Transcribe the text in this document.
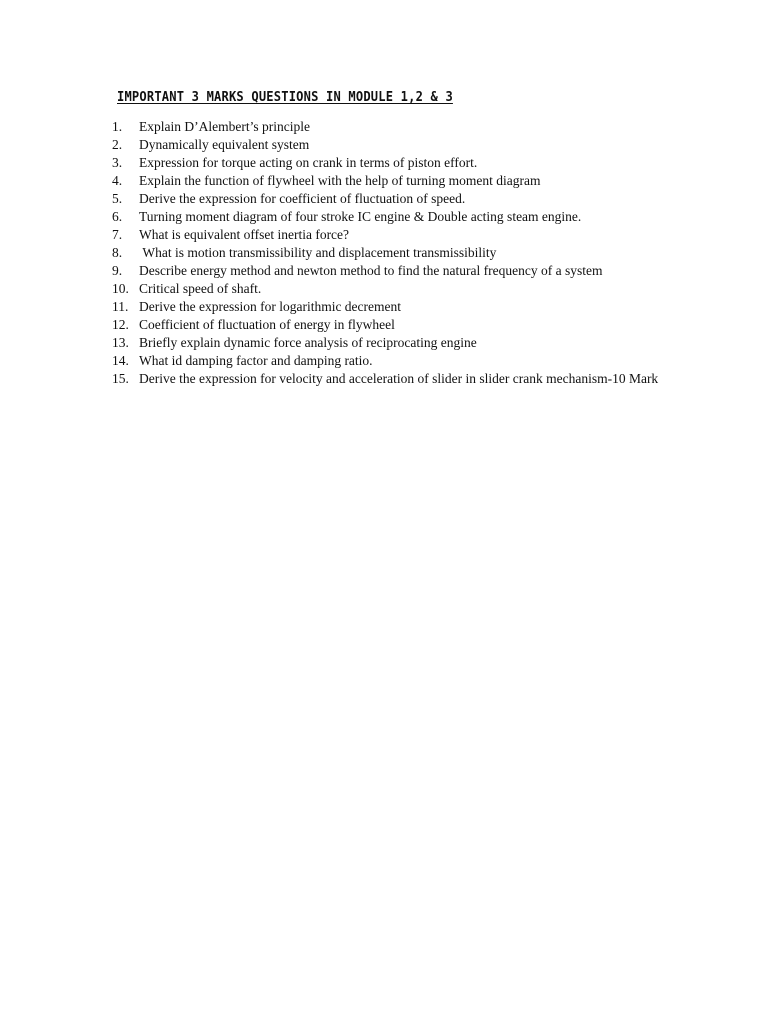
IMPORTANT 3 MARKS QUESTIONS IN MODULE 1,2 & 3
1.	Explain D’Alembert’s principle
2.	Dynamically equivalent system
3.	Expression for torque acting on crank in terms of piston effort.
4.	Explain the function of flywheel with the help of turning moment diagram
5.	Derive the expression for coefficient of fluctuation of speed.
6.	Turning moment diagram of four stroke IC engine & Double acting steam engine.
7.	What is equivalent offset inertia force?
8.	What is motion transmissibility and displacement transmissibility
9.	Describe energy method and newton method to find the natural frequency of a system
10. Critical speed of shaft.
11. Derive the expression for logarithmic decrement
12. Coefficient of fluctuation of energy in flywheel
13. Briefly explain dynamic force analysis of reciprocating engine
14. What id damping factor and damping ratio.
15. Derive the expression for velocity and acceleration of slider in slider crank mechanism-10 Mark
